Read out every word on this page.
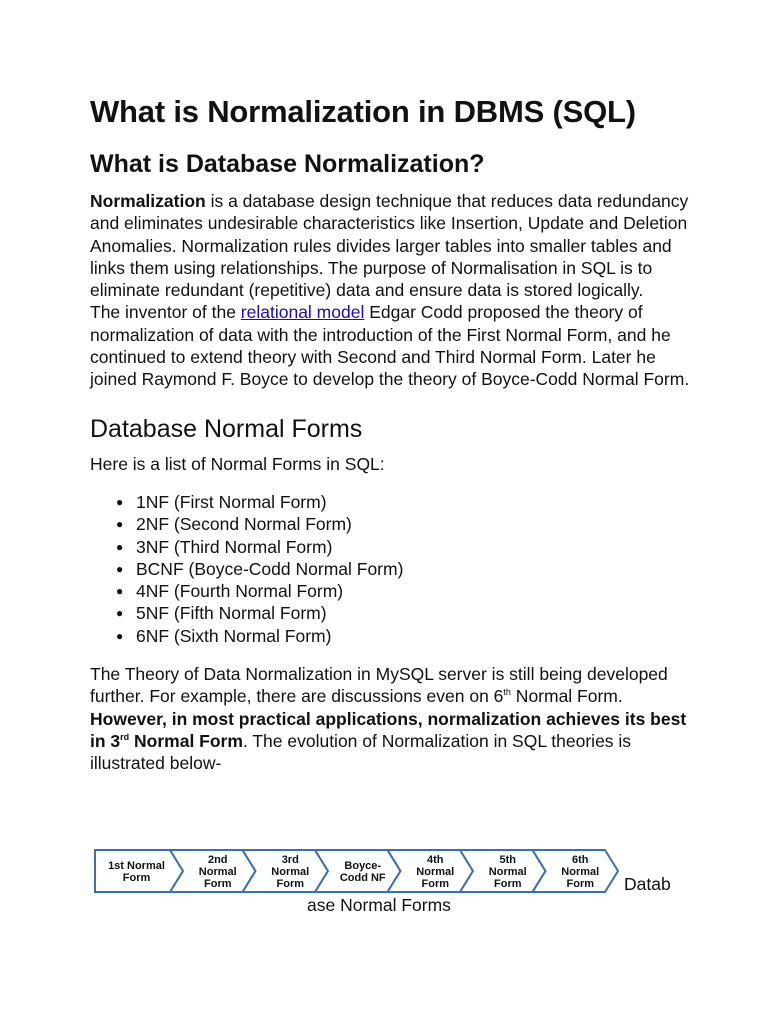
What is Normalization in DBMS (SQL)
What is Database Normalization?

Normalization is a database design technique that reduces data redundancy and eliminates undesirable characteristics like Insertion, Update and Deletion Anomalies. Normalization rules divides larger tables into smaller tables and links them using relationships. The purpose of Normalisation in SQL is to eliminate redundant (repetitive) data and ensure data is stored logically.

The inventor of the relational model Edgar Codd proposed the theory of normalization of data with the introduction of the First Normal Form, and he continued to extend theory with Second and Third Normal Form. Later he joined Raymond F. Boyce to develop the theory of Boyce-Codd Normal Form.

Database Normal Forms

Here is a list of Normal Forms in SQL:

● 1NF (First Normal Form)
● 2NF (Second Normal Form)
● 3NF (Third Normal Form)
● BCNF (Boyce-Codd Normal Form)
● 4NF (Fourth Normal Form)
● 5NF (Fifth Normal Form)
● 6NF (Sixth Normal Form)

The Theory of Data Normalization in MySQL server is still being developed further. For example, there are discussions even on 6th Normal Form. However, in most practical applications, normalization achieves its best in 3rd Normal Form. The evolution of Normalization in SQL theories is illustrated below-

1st Normal Form
2nd Normal Form
3rd Normal Form
Boyce-Codd NF
4th Normal Form
5th Normal Form
6th Normal Form Datab
ase Normal Forms
